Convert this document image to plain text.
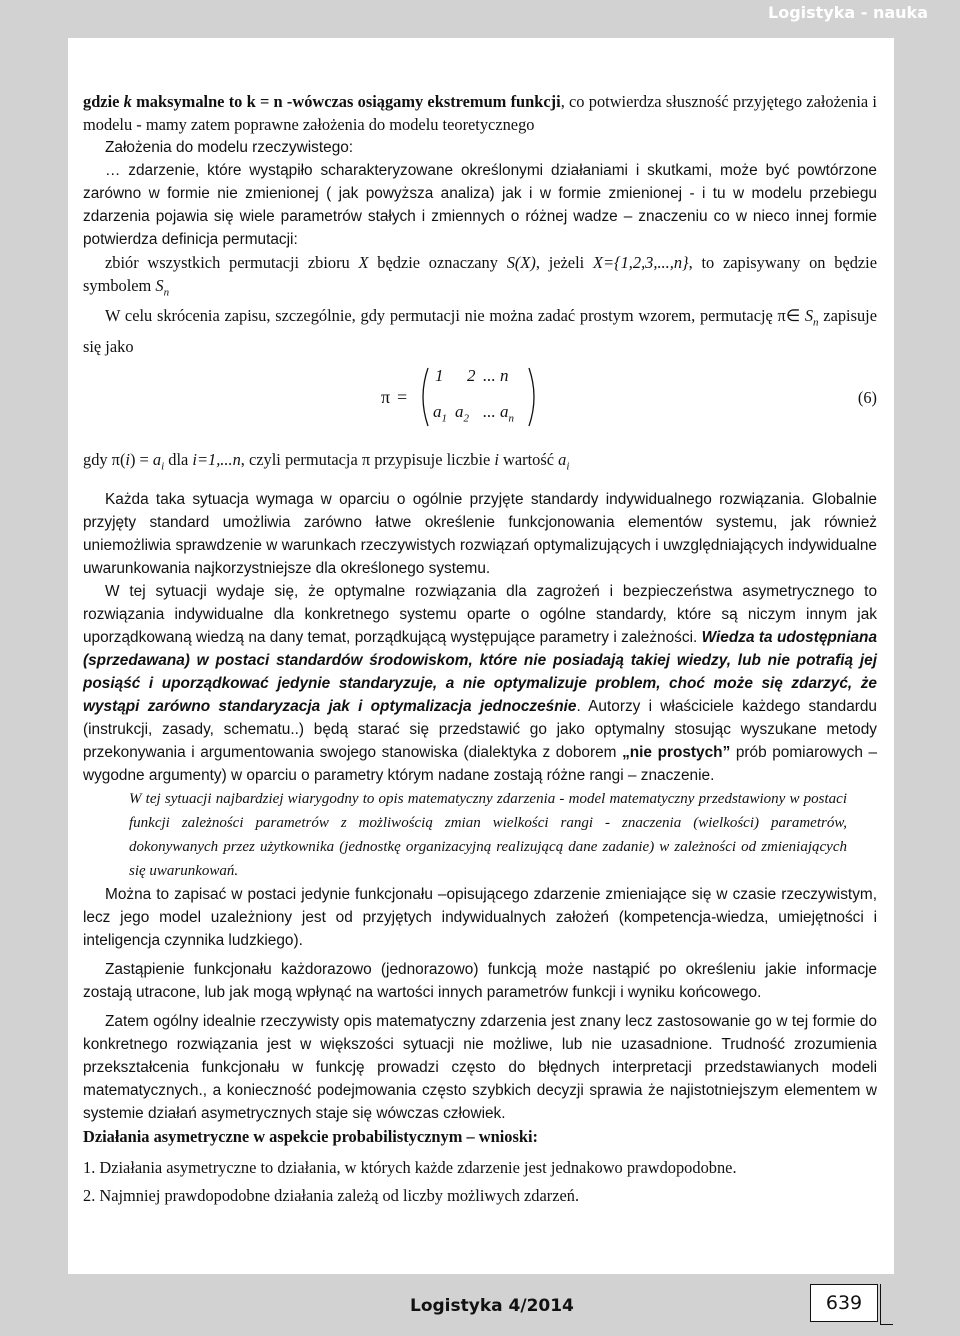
Logistyka - nauka

gdzie k maksymalne to k = n -wówczas osiągamy ekstremum funkcji, co potwierdza słuszność przyjętego założenia i modelu - mamy zatem poprawne założenia do modelu teoretycznego

Założenia do modelu rzeczywistego:

… zdarzenie, które wystąpiło scharakteryzowane określonymi działaniami i skutkami, może być powtórzone zarówno w formie nie zmienionej ( jak powyższa analiza) jak i w formie zmienionej - i tu w modelu przebiegu zdarzenia pojawia się wiele parametrów stałych i zmiennych o różnej wadze – znaczeniu co w nieco innej formie potwierdza definicja permutacji:

zbiór wszystkich permutacji zbioru X będzie oznaczany S(X), jeżeli X={1,2,3,...,n}, to zapisywany on będzie symbolem $S_n$

W celu skrócenia zapisu, szczególnie, gdy permutacji nie można zadać prostym wzorem, permutację π∈ $S_n$ zapisuje się jako

π =
1 2 ... n
$a_1$ $a_2$ ... $a_n$
(6)

gdy $\pi(i) = a_i$ dla i=1,...n, czyli permutacja π przypisuje liczbie i wartość $a_i$

Każda taka sytuacja wymaga w oparciu o ogólnie przyjęte standardy indywidualnego rozwiązania. Globalnie przyjęty standard umożliwia zarówno łatwe określenie funkcjonowania elementów systemu, jak również uniemożliwia sprawdzenie w warunkach rzeczywistych rozwiązań optymalizujących i uwzględniających indywidualne uwarunkowania najkorzystniejsze dla określonego systemu.

W tej sytuacji wydaje się, że optymalne rozwiązania dla zagrożeń i bezpieczeństwa asymetrycznego to rozwiązania indywidualne dla konkretnego systemu oparte o ogólne standardy, które są niczym innym jak uporządkowaną wiedzą na dany temat, porządkującą występujące parametry i zależności. Wiedza ta udostępniana (sprzedawana) w postaci standardów środowiskom, które nie posiadają takiej wiedzy, lub nie potrafią jej posiąść i uporządkować jedynie standaryzuje, a nie optymalizuje problem, choć może się zdarzyć, że wystąpi zarówno standaryzacja jak i optymalizacja jednocześnie. Autorzy i właściciele każdego standardu (instrukcji, zasady, schematu..) będą starać się przedstawić go jako optymalny stosując wyszukane metody przekonywania i argumentowania swojego stanowiska (dialektyka z doborem „nie prostych” prób pomiarowych – wygodne argumenty) w oparciu o parametry którym nadane zostają różne rangi – znaczenie.

W tej sytuacji najbardziej wiarygodny to opis matematyczny zdarzenia - model matematyczny przedstawiony w postaci funkcji zależności parametrów z możliwością zmian wielkości rangi - znaczenia (wielkości) parametrów, dokonywanych przez użytkownika (jednostkę organizacyjną realizującą dane zadanie) w zależności od zmieniających się uwarunkowań.

Można to zapisać w postaci jedynie funkcjonału –opisującego zdarzenie zmieniające się w czasie rzeczywistym, lecz jego model uzależniony jest od przyjętych indywidualnych założeń (kompetencja-wiedza, umiejętności i inteligencja czynnika ludzkiego).

Zastąpienie funkcjonału każdorazowo (jednorazowo) funkcją może nastąpić po określeniu jakie informacje zostają utracone, lub jak mogą wpłynąć na wartości innych parametrów funkcji i wyniku końcowego.

Zatem ogólny idealnie rzeczywisty opis matematyczny zdarzenia jest znany lecz zastosowanie go w tej formie do konkretnego rozwiązania jest w większości sytuacji nie możliwe, lub nie uzasadnione. Trudność zrozumienia przekształcenia funkcjonału w funkcję prowadzi często do błędnych interpretacji przedstawianych modeli matematycznych., a konieczność podejmowania często szybkich decyzji sprawia że najistotniejszym elementem w systemie działań asymetrycznych staje się wówczas człowiek.

Działania asymetryczne w aspekcie probabilistycznym – wnioski:

1. Działania asymetryczne to działania, w których każde zdarzenie jest jednakowo prawdopodobne.
2. Najmniej prawdopodobne działania zależą od liczby możliwych zdarzeń.
Logistyka 4/2014	639
